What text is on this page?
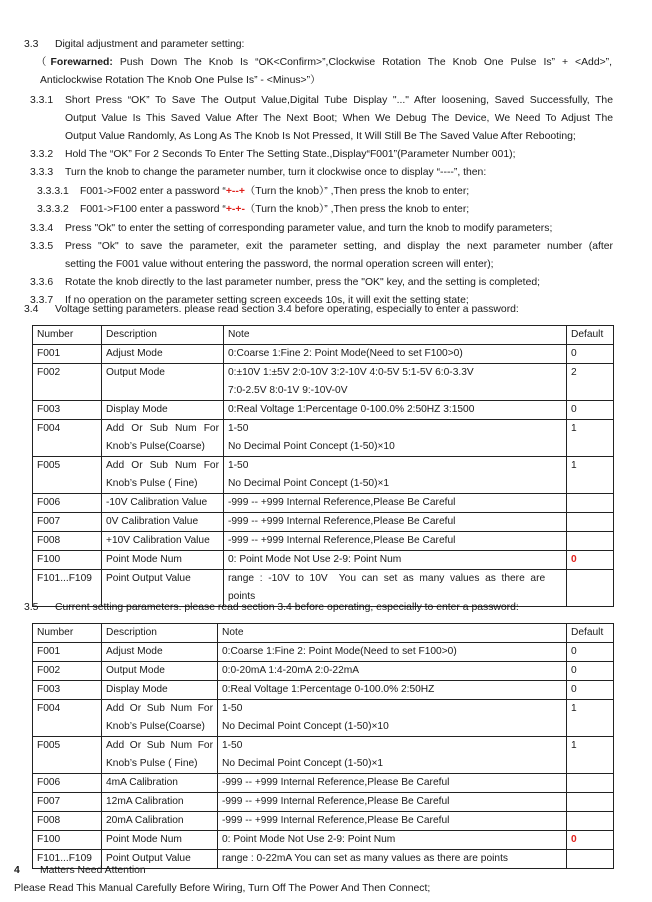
3.3 Digital adjustment and parameter setting:
（Forewarned: Push Down The Knob Is “OK<Confirm>”,Clockwise Rotation The Knob One Pulse Is” + <Add>”,
Anticlockwise Rotation The Knob One Pulse Is” - <Minus>”）
3.3.1	Short Press “OK” To Save The Output Value,Digital Tube Display "..." After loosening, Saved Successfully, The
Output Value Is This Saved Value After The Next Boot; When We Debug The Device, We Need To Adjust The
Output Value Randomly, As Long As The Knob Is Not Pressed, It Will Still Be The Saved Value After Rebooting;
3.3.2 Hold The “OK” For 2 Seconds To Enter The Setting State.,Display“F001”(Parameter Number 001);
3.3.3 Turn the knob to change the parameter number, turn it clockwise once to display “----”, then:
3.3.3.1 F001->F002 enter a password “+--+（Turn the knob）” ,Then press the knob to enter;
3.3.3.2 F001->F100 enter a password “+-+-（Turn the knob）” ,Then press the knob to enter;
3.3.4 Press "Ok" to enter the setting of corresponding parameter value, and turn the knob to modify parameters;
3.3.5	Press "Ok" to save the parameter, exit the parameter setting, and display the next parameter number (after
setting the F001 value without entering the password, the normal operation screen will enter);
3.3.6 Rotate the knob directly to the last parameter number, press the "OK" key, and the setting is completed;
3.3.7 If no operation on the parameter setting screen exceeds 10s, it will exit the setting state;
3.4 Voltage setting parameters. please read section 3.4 before operating, especially to enter a password:
Number	Description	Note	Default
F001	Adjust Mode	0:Coarse 1:Fine 2: Point Mode(Need to set F100>0)	0
F002	Output Mode	0:±10V 1:±5V 2:0-10V 3:2-10V 4:0-5V 5:1-5V 6:0-3.3V
7:0-2.5V 8:0-1V 9:-10V-0V	2
F003	Display Mode	0:Real Voltage 1:Percentage 0-100.0% 2:50HZ 3:1500	0
F004	Add Or Sub Num For
Knob’s Pulse(Coarse)	1-50
No Decimal Point Concept (1-50)×10	1
F005	Add Or Sub Num For
Knob’s Pulse ( Fine)	1-50
No Decimal Point Concept (1-50)×1	1
F006	-10V Calibration Value	-999 -- +999 Internal Reference,Please Be Careful	
F007	0V Calibration Value	-999 -- +999 Internal Reference,Please Be Careful	
F008	+10V Calibration Value	-999 -- +999 Internal Reference,Please Be Careful	
F100	Point Mode Num	0: Point Mode Not Use 2-9: Point Num	0
F101...F109	Point Output Value	range  :  -10V  to  10V    You  can  set  as  many  values  as  there  are
points	

3.5 Current setting parameters. please read section 3.4 before operating, especially to enter a password:
Number	Description	Note	Default
F001	Adjust Mode	0:Coarse 1:Fine 2: Point Mode(Need to set F100>0)	0
F002	Output Mode	0:0-20mA 1:4-20mA 2:0-22mA	0
F003	Display Mode	0:Real Voltage 1:Percentage 0-100.0% 2:50HZ	0
F004	Add Or Sub Num For
Knob’s Pulse(Coarse)	1-50
No Decimal Point Concept (1-50)×10	1
F005	Add Or Sub Num For
Knob’s Pulse ( Fine)	1-50
No Decimal Point Concept (1-50)×1	1
F006	4mA Calibration	-999 -- +999 Internal Reference,Please Be Careful	
F007	12mA Calibration	-999 -- +999 Internal Reference,Please Be Careful	
F008	20mA Calibration	-999 -- +999 Internal Reference,Please Be Careful	
F100	Point Mode Num	0: Point Mode Not Use 2-9: Point Num	0
F101...F109	Point Output Value	range : 0-22mA You can set as many values as there are points	
4 Matters Need Attention
Please Read This Manual Carefully Before Wiring, Turn Off The Power And Then Connect;
